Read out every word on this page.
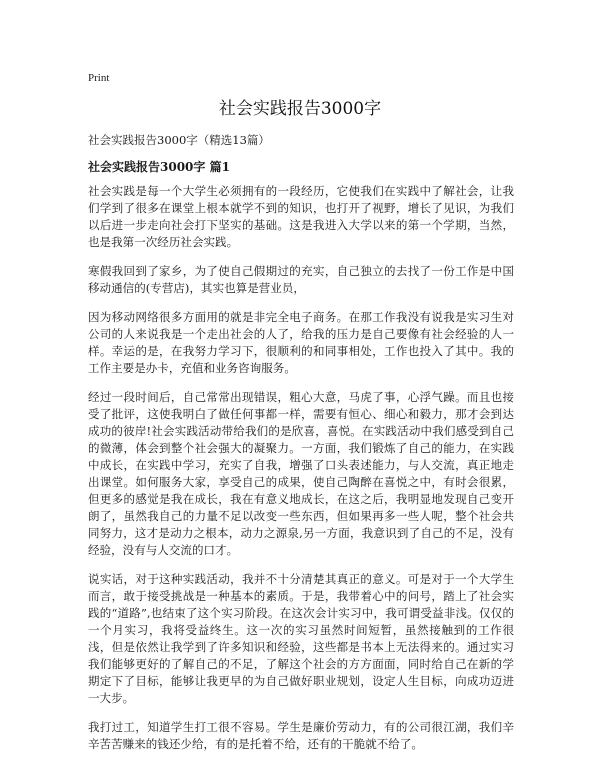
Print
社会实践报告3000字
社会实践报告3000字（精选13篇）
社会实践报告3000字 篇1

社会实践是每一个大学生必须拥有的一段经历，它使我们在实践中了解社会，让我们学到了很多在课堂上根本就学不到的知识，也打开了视野，增长了见识，为我们以后进一步走向社会打下坚实的基础。这是我进入大学以来的第一个学期，当然，也是我第一次经历社会实践。

寒假我回到了家乡，为了使自己假期过的充实，自己独立的去找了一份工作是中国移动通信的(专营店)，其实也算是营业员，

因为移动网络很多方面用的就是非完全电子商务。在那工作我没有说我是实习生对公司的人来说我是一个走出社会的人了，给我的压力是自己要像有社会经验的人一样。幸运的是，在我努力学习下，很顺利的和同事相处，工作也投入了其中。我的工作主要是办卡，充值和业务咨询服务。

经过一段时间后，自己常常出现错误，粗心大意，马虎了事，心浮气躁。而且也接受了批评，这使我明白了做任何事都一样，需要有恒心、细心和毅力，那才会到达成功的彼岸!社会实践活动带给我们的是欣喜，喜悦。在实践活动中我们感受到自己的微薄，体会到整个社会强大的凝聚力。一方面，我们锻炼了自己的能力，在实践中成长，在实践中学习，充实了自我，增强了口头表述能力，与人交流，真正地走出课堂。如何服务大家，享受自己的成果，使自己陶醉在喜悦之中，有时会很累，但更多的感觉是我在成长，我在有意义地成长，在这之后，我明显地发现自己变开朗了，虽然我自己的力量不足以改变一些东西，但如果再多一些人呢，整个社会共同努力，这才是动力之根本，动力之源泉,另一方面，我意识到了自己的不足，没有经验，没有与人交流的口才。

说实话，对于这种实践活动，我并不十分清楚其真正的意义。可是对于一个大学生而言，敢于接受挑战是一种基本的素质。于是，我带着心中的问号，踏上了社会实践的“道路”,也结束了这个实习阶段。在这次会计实习中，我可谓受益非浅。仅仅的一个月实习，我将受益终生。这一次的实习虽然时间短暂，虽然接触到的工作很浅，但是依然让我学到了许多知识和经验，这些都是书本上无法得来的。通过实习我们能够更好的了解自己的不足，了解这个社会的方方面面，同时给自己在新的学期定下了目标，能够让我更早的为自己做好职业规划，设定人生目标，向成功迈进一大步。

我打过工，知道学生打工很不容易。学生是廉价劳动力，有的公司很江湖，我们辛辛苦苦赚来的钱还少给，有的是托着不给，还有的干脆就不给了。
